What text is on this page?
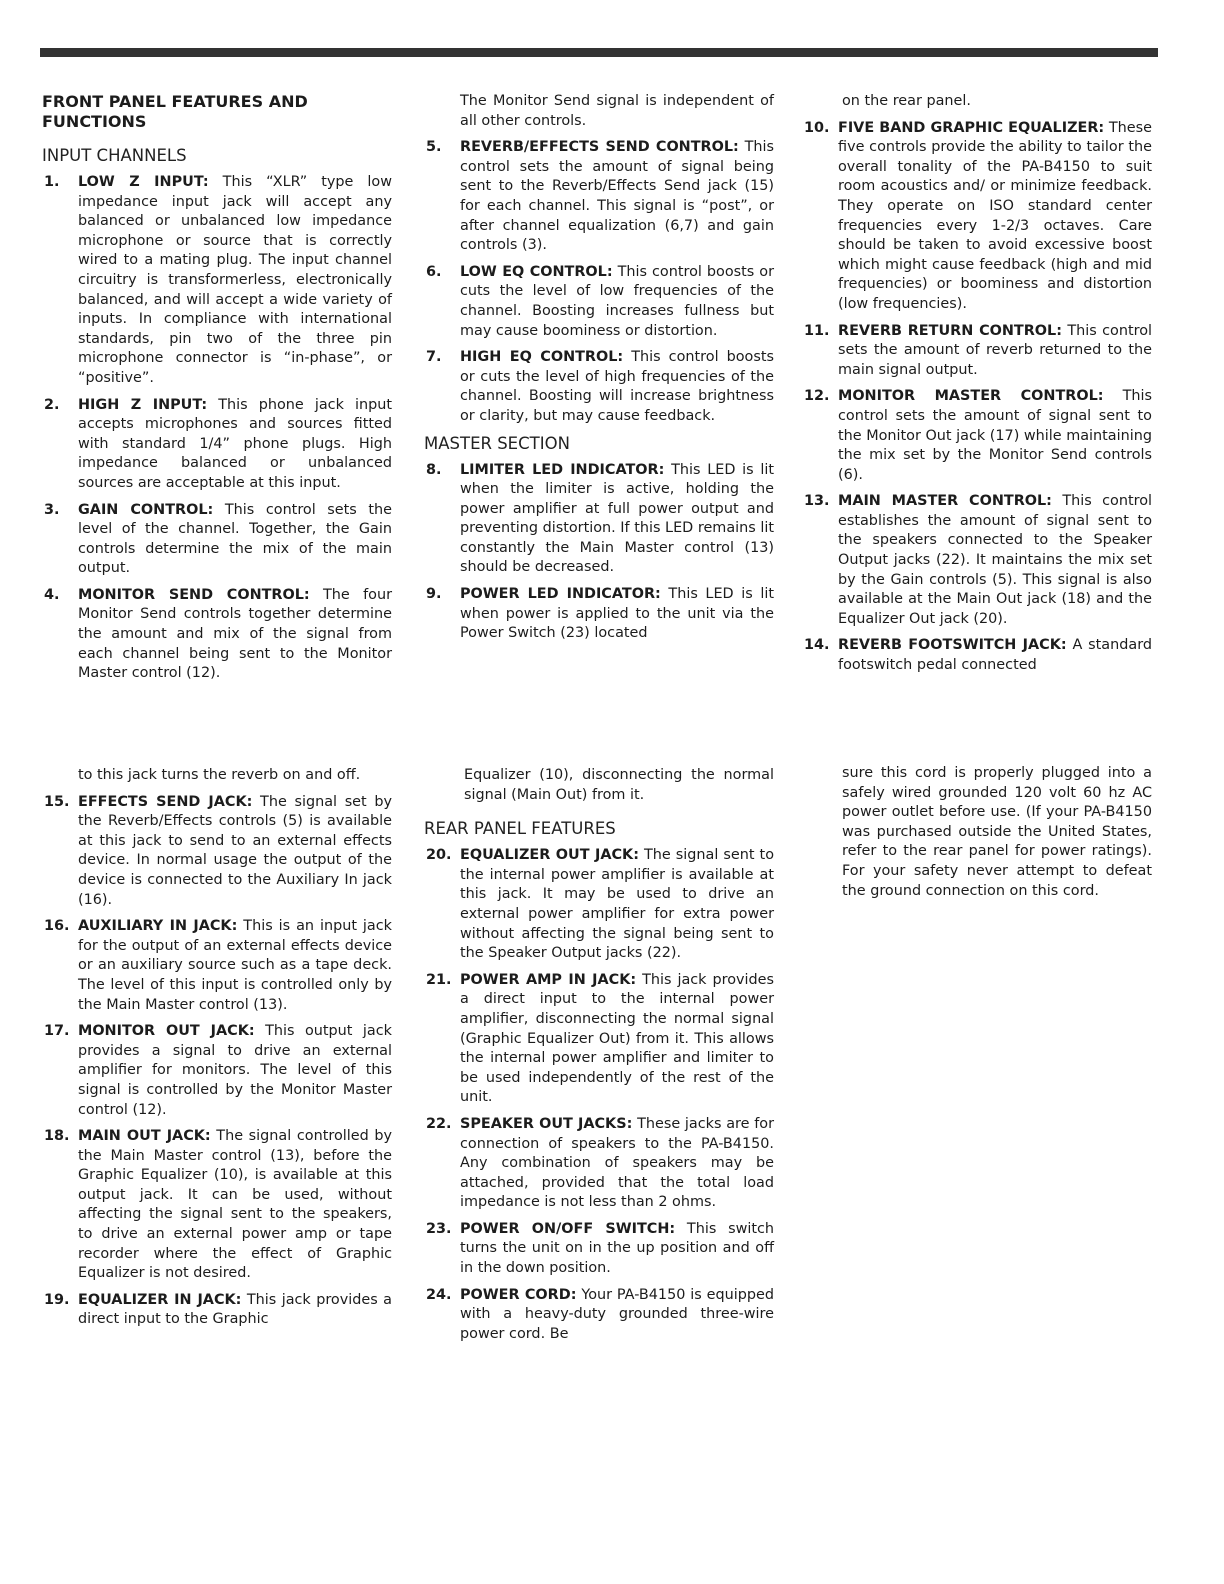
FRONT PANEL FEATURES AND FUNCTIONS
INPUT CHANNELS
1. LOW Z INPUT: This “XLR” type low impedance input jack will accept any balanced or unbalanced low impedance microphone or source that is correctly wired to a mating plug. The input channel circuitry is transformerless, electronically balanced, and will accept a wide variety of inputs. In compliance with international standards, pin two of the three pin microphone connector is “in-phase”, or “positive”.
2. HIGH Z INPUT: This phone jack input accepts microphones and sources fitted with standard 1/4” phone plugs. High impedance balanced or unbalanced sources are acceptable at this input.
3. GAIN CONTROL: This control sets the level of the channel. Together, the Gain controls determine the mix of the main output.
4. MONITOR SEND CONTROL: The four Monitor Send controls together determine the amount and mix of the signal from each channel being sent to the Monitor Master control (12).
The Monitor Send signal is independent of all other controls.
5. REVERB/EFFECTS SEND CONTROL: This control sets the amount of signal being sent to the Reverb/Effects Send jack (15) for each channel. This signal is “post”, or after channel equalization (6,7) and gain controls (3).
6. LOW EQ CONTROL: This control boosts or cuts the level of low frequencies of the channel. Boosting increases fullness but may cause boominess or distortion.
7. HIGH EQ CONTROL: This control boosts or cuts the level of high frequencies of the channel. Boosting will increase brightness or clarity, but may cause feedback.
MASTER SECTION
8. LIMITER LED INDICATOR: This LED is lit when the limiter is active, holding the power amplifier at full power output and preventing distortion. If this LED remains lit constantly the Main Master control (13) should be decreased.
9. POWER LED INDICATOR: This LED is lit when power is applied to the unit via the Power Switch (23) located
on the rear panel.
10. FIVE BAND GRAPHIC EQUALIZER: These five controls provide the ability to tailor the overall tonality of the PA-B4150 to suit room acoustics and/ or minimize feedback. They operate on ISO standard center frequencies every 1-2/3 octaves. Care should be taken to avoid excessive boost which might cause feedback (high and mid frequencies) or boominess and distortion (low frequencies).
11. REVERB RETURN CONTROL: This control sets the amount of reverb returned to the main signal output.
12. MONITOR MASTER CONTROL: This control sets the amount of signal sent to the Monitor Out jack (17) while maintaining the mix set by the Monitor Send controls (6).
13. MAIN MASTER CONTROL: This control establishes the amount of signal sent to the speakers connected to the Speaker Output jacks (22). It maintains the mix set by the Gain controls (5). This signal is also available at the Main Out jack (18) and the Equalizer Out jack (20).
14. REVERB FOOTSWITCH JACK: A standard footswitch pedal connected
to this jack turns the reverb on and off.
15. EFFECTS SEND JACK: The signal set by the Reverb/Effects controls (5) is available at this jack to send to an external effects device. In normal usage the output of the device is connected to the Auxiliary In jack (16).
16. AUXILIARY IN JACK: This is an input jack for the output of an external effects device or an auxiliary source such as a tape deck. The level of this input is controlled only by the Main Master control (13).
17. MONITOR OUT JACK: This output jack provides a signal to drive an external amplifier for monitors. The level of this signal is controlled by the Monitor Master control (12).
18. MAIN OUT JACK: The signal controlled by the Main Master control (13), before the Graphic Equalizer (10), is available at this output jack. It can be used, without affecting the signal sent to the speakers, to drive an external power amp or tape recorder where the effect of Graphic Equalizer is not desired.
19. EQUALIZER IN JACK: This jack provides a direct input to the Graphic
Equalizer (10), disconnecting the normal signal (Main Out) from it.
REAR PANEL FEATURES
20. EQUALIZER OUT JACK: The signal sent to the internal power amplifier is available at this jack. It may be used to drive an external power amplifier for extra power without affecting the signal being sent to the Speaker Output jacks (22).
21. POWER AMP IN JACK: This jack provides a direct input to the internal power amplifier, disconnecting the normal signal (Graphic Equalizer Out) from it. This allows the internal power amplifier and limiter to be used independently of the rest of the unit.
22. SPEAKER OUT JACKS: These jacks are for connection of speakers to the PA-B4150. Any combination of speakers may be attached, provided that the total load impedance is not less than 2 ohms.
23. POWER ON/OFF SWITCH: This switch turns the unit on in the up position and off in the down position.
24. POWER CORD: Your PA-B4150 is equipped with a heavy-duty grounded three-wire power cord. Be
sure this cord is properly plugged into a safely wired grounded 120 volt 60 hz AC power outlet before use. (If your PA-B4150 was purchased outside the United States, refer to the rear panel for power ratings). For your safety never attempt to defeat the ground connection on this cord.
